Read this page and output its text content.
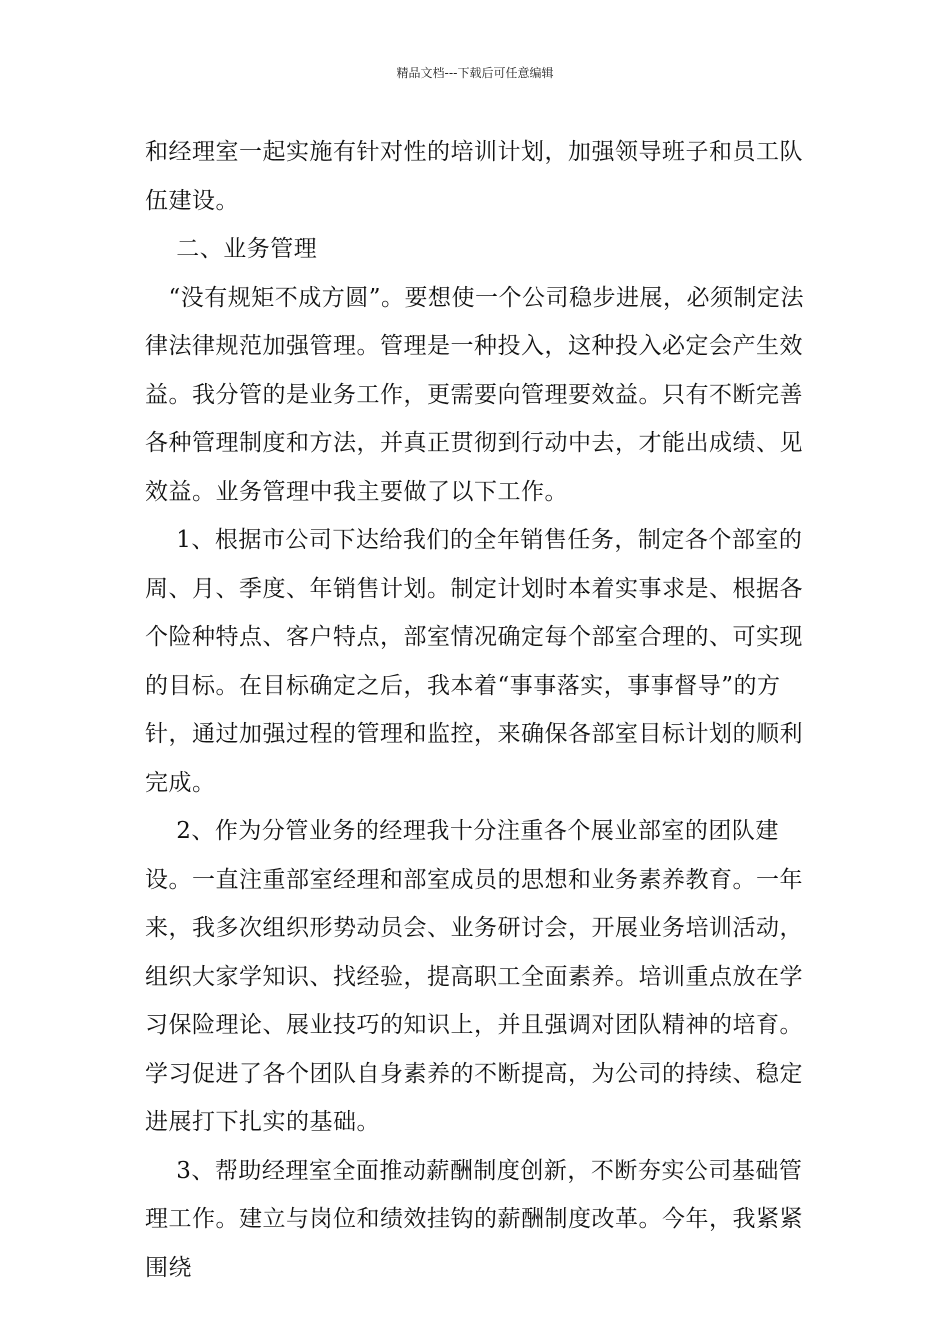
精品文档---下载后可任意编辑

和经理室一起实施有针对性的培训计划，加强领导班子和员工队伍建设。

二、业务管理

“没有规矩不成方圆”。要想使一个公司稳步进展，必须制定法律法律规范加强管理。管理是一种投入，这种投入必定会产生效益。我分管的是业务工作，更需要向管理要效益。只有不断完善各种管理制度和方法，并真正贯彻到行动中去，才能出成绩、见效益。业务管理中我主要做了以下工作。

1、根据市公司下达给我们的全年销售任务，制定各个部室的周、月、季度、年销售计划。制定计划时本着实事求是、根据各个险种特点、客户特点，部室情况确定每个部室合理的、可实现的目标。在目标确定之后，我本着“事事落实，事事督导”的方针，通过加强过程的管理和监控，来确保各部室目标计划的顺利完成。

2、作为分管业务的经理我十分注重各个展业部室的团队建设。一直注重部室经理和部室成员的思想和业务素养教育。一年来，我多次组织形势动员会、业务研讨会，开展业务培训活动，组织大家学知识、找经验，提高职工全面素养。培训重点放在学习保险理论、展业技巧的知识上，并且强调对团队精神的培育。学习促进了各个团队自身素养的不断提高，为公司的持续、稳定进展打下扎实的基础。

3、帮助经理室全面推动薪酬制度创新，不断夯实公司基础管理工作。建立与岗位和绩效挂钩的薪酬制度改革。今年，我紧紧围绕
